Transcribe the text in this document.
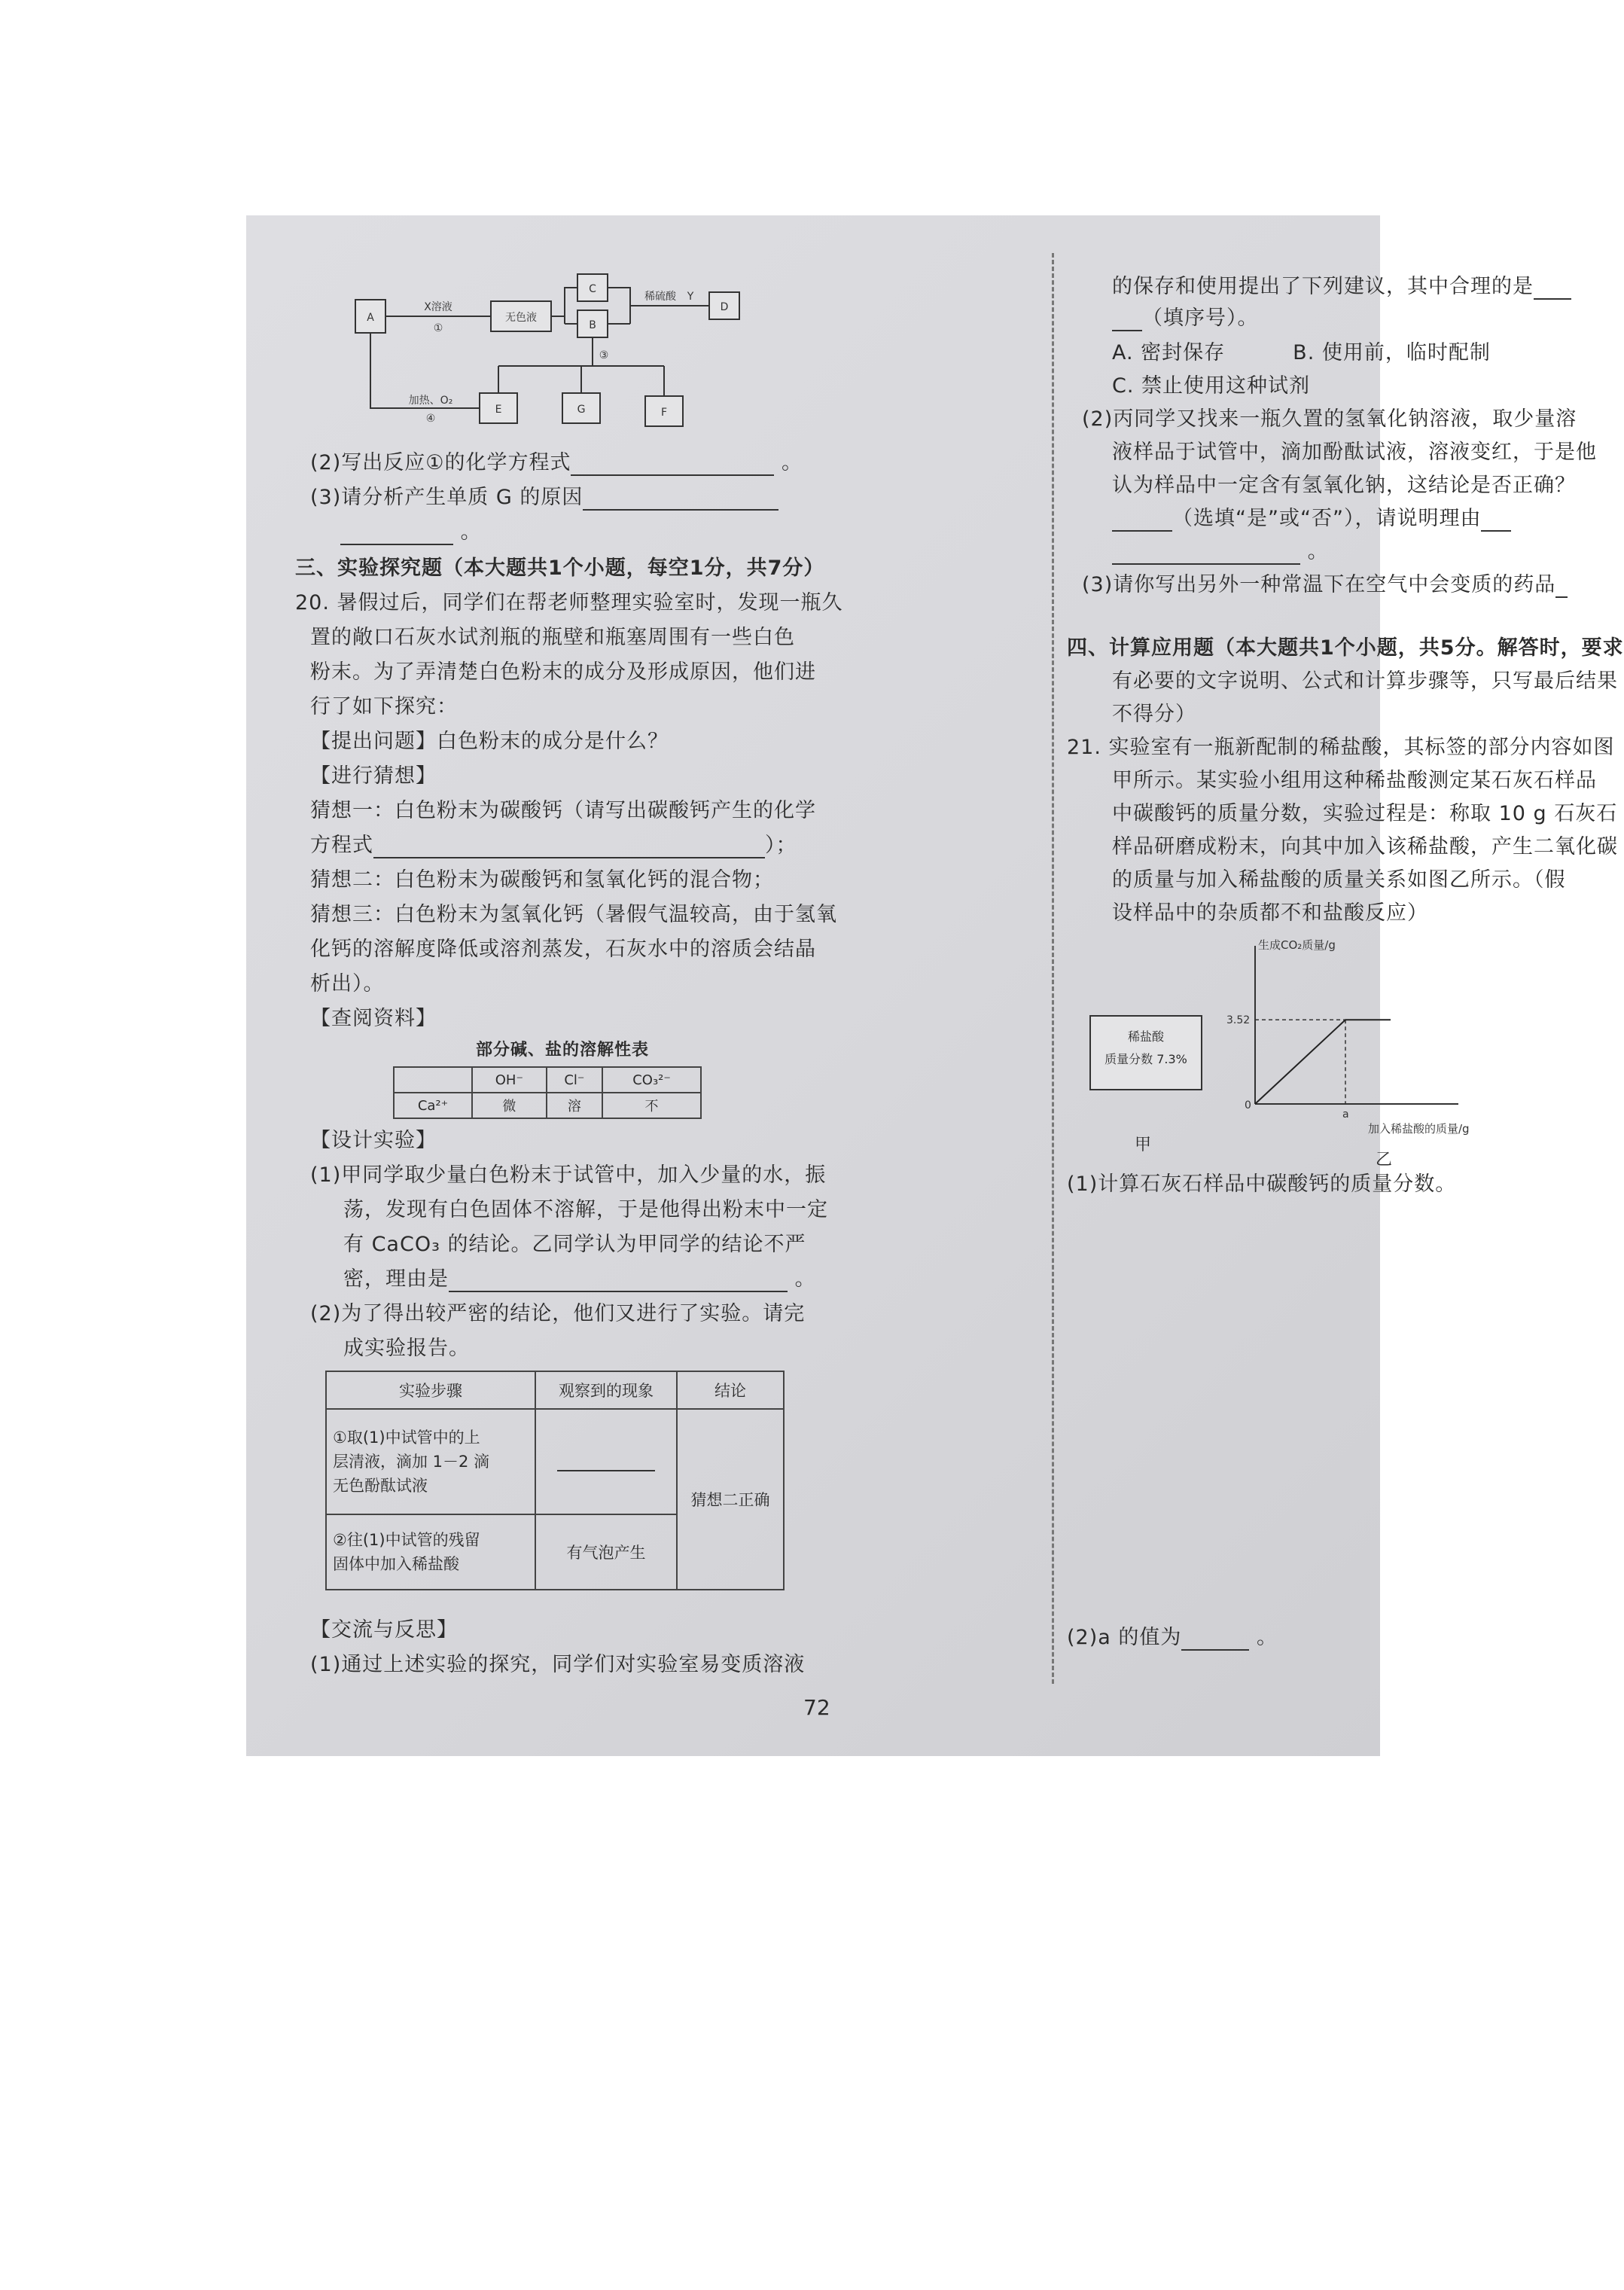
A	无色液
C
B
D
E	G	F
X溶液
①
稀硫酸 Y
③
加热、O₂
④
(2)写出反应①的化学方程式	。
(3)请分析产生单质 G 的原因
。
三、实验探究题（本大题共1个小题，每空1分，共7分）
20. 暑假过后，同学们在帮老师整理实验室时，发现一瓶久
置的敞口石灰水试剂瓶的瓶壁和瓶塞周围有一些白色
粉末。为了弄清楚白色粉末的成分及形成原因，他们进
行了如下探究：
【提出问题】白色粉末的成分是什么？
【进行猜想】
猜想一：白色粉末为碳酸钙（请写出碳酸钙产生的化学
方程式	）；
猜想二：白色粉末为碳酸钙和氢氧化钙的混合物；
猜想三：白色粉末为氢氧化钙（暑假气温较高，由于氢氧
化钙的溶解度降低或溶剂蒸发，石灰水中的溶质会结晶
析出）。
【查阅资料】
部分碱、盐的溶解性表
	OH⁻	Cl⁻	CO₃²⁻
Ca²⁺	微	溶	不
【设计实验】
(1)甲同学取少量白色粉末于试管中，加入少量的水，振
荡，发现有白色固体不溶解，于是他得出粉末中一定
有 CaCO₃ 的结论。乙同学认为甲同学的结论不严
密，理由是	。
(2)为了得出较严密的结论，他们又进行了实验。请完
成实验报告。
实验步骤	观察到的现象	结论

①取(1)中试管中的上
层清液，滴加 1－2 滴
无色酚酞试液		猜想二正确

②往(1)中试管的残留
固体中加入稀盐酸	有气泡产生	
【交流与反思】
(1)通过上述实验的探究，同学们对实验室易变质溶液
的保存和使用提出了下列建议，其中合理的是
（填序号）。
A. 密封保存	B. 使用前，临时配制
C. 禁止使用这种试剂
(2)丙同学又找来一瓶久置的氢氧化钠溶液，取少量溶
液样品于试管中，滴加酚酞试液，溶液变红，于是他
认为样品中一定含有氢氧化钠，这结论是否正确？
（选填“是”或“否”），请说明理由
。
(3)请你写出另外一种常温下在空气中会变质的药品
四、计算应用题（本大题共1个小题，共5分。解答时，要求
有必要的文字说明、公式和计算步骤等，只写最后结果
不得分）
21. 实验室有一瓶新配制的稀盐酸，其标签的部分内容如图
甲所示。某实验小组用这种稀盐酸测定某石灰石样品
中碳酸钙的质量分数，实验过程是：称取 10 g 石灰石
样品研磨成粉末，向其中加入该稀盐酸，产生二氧化碳
的质量与加入稀盐酸的质量关系如图乙所示。（假
设样品中的杂质都不和盐酸反应）
稀盐酸
质量分数 7.3%
甲
生成CO₂质量/g
加入稀盐酸的质量/g
0
3.52
a
(1)计算石灰石样品中碳酸钙的质量分数。
(2)a 的值为	。
乙
72
